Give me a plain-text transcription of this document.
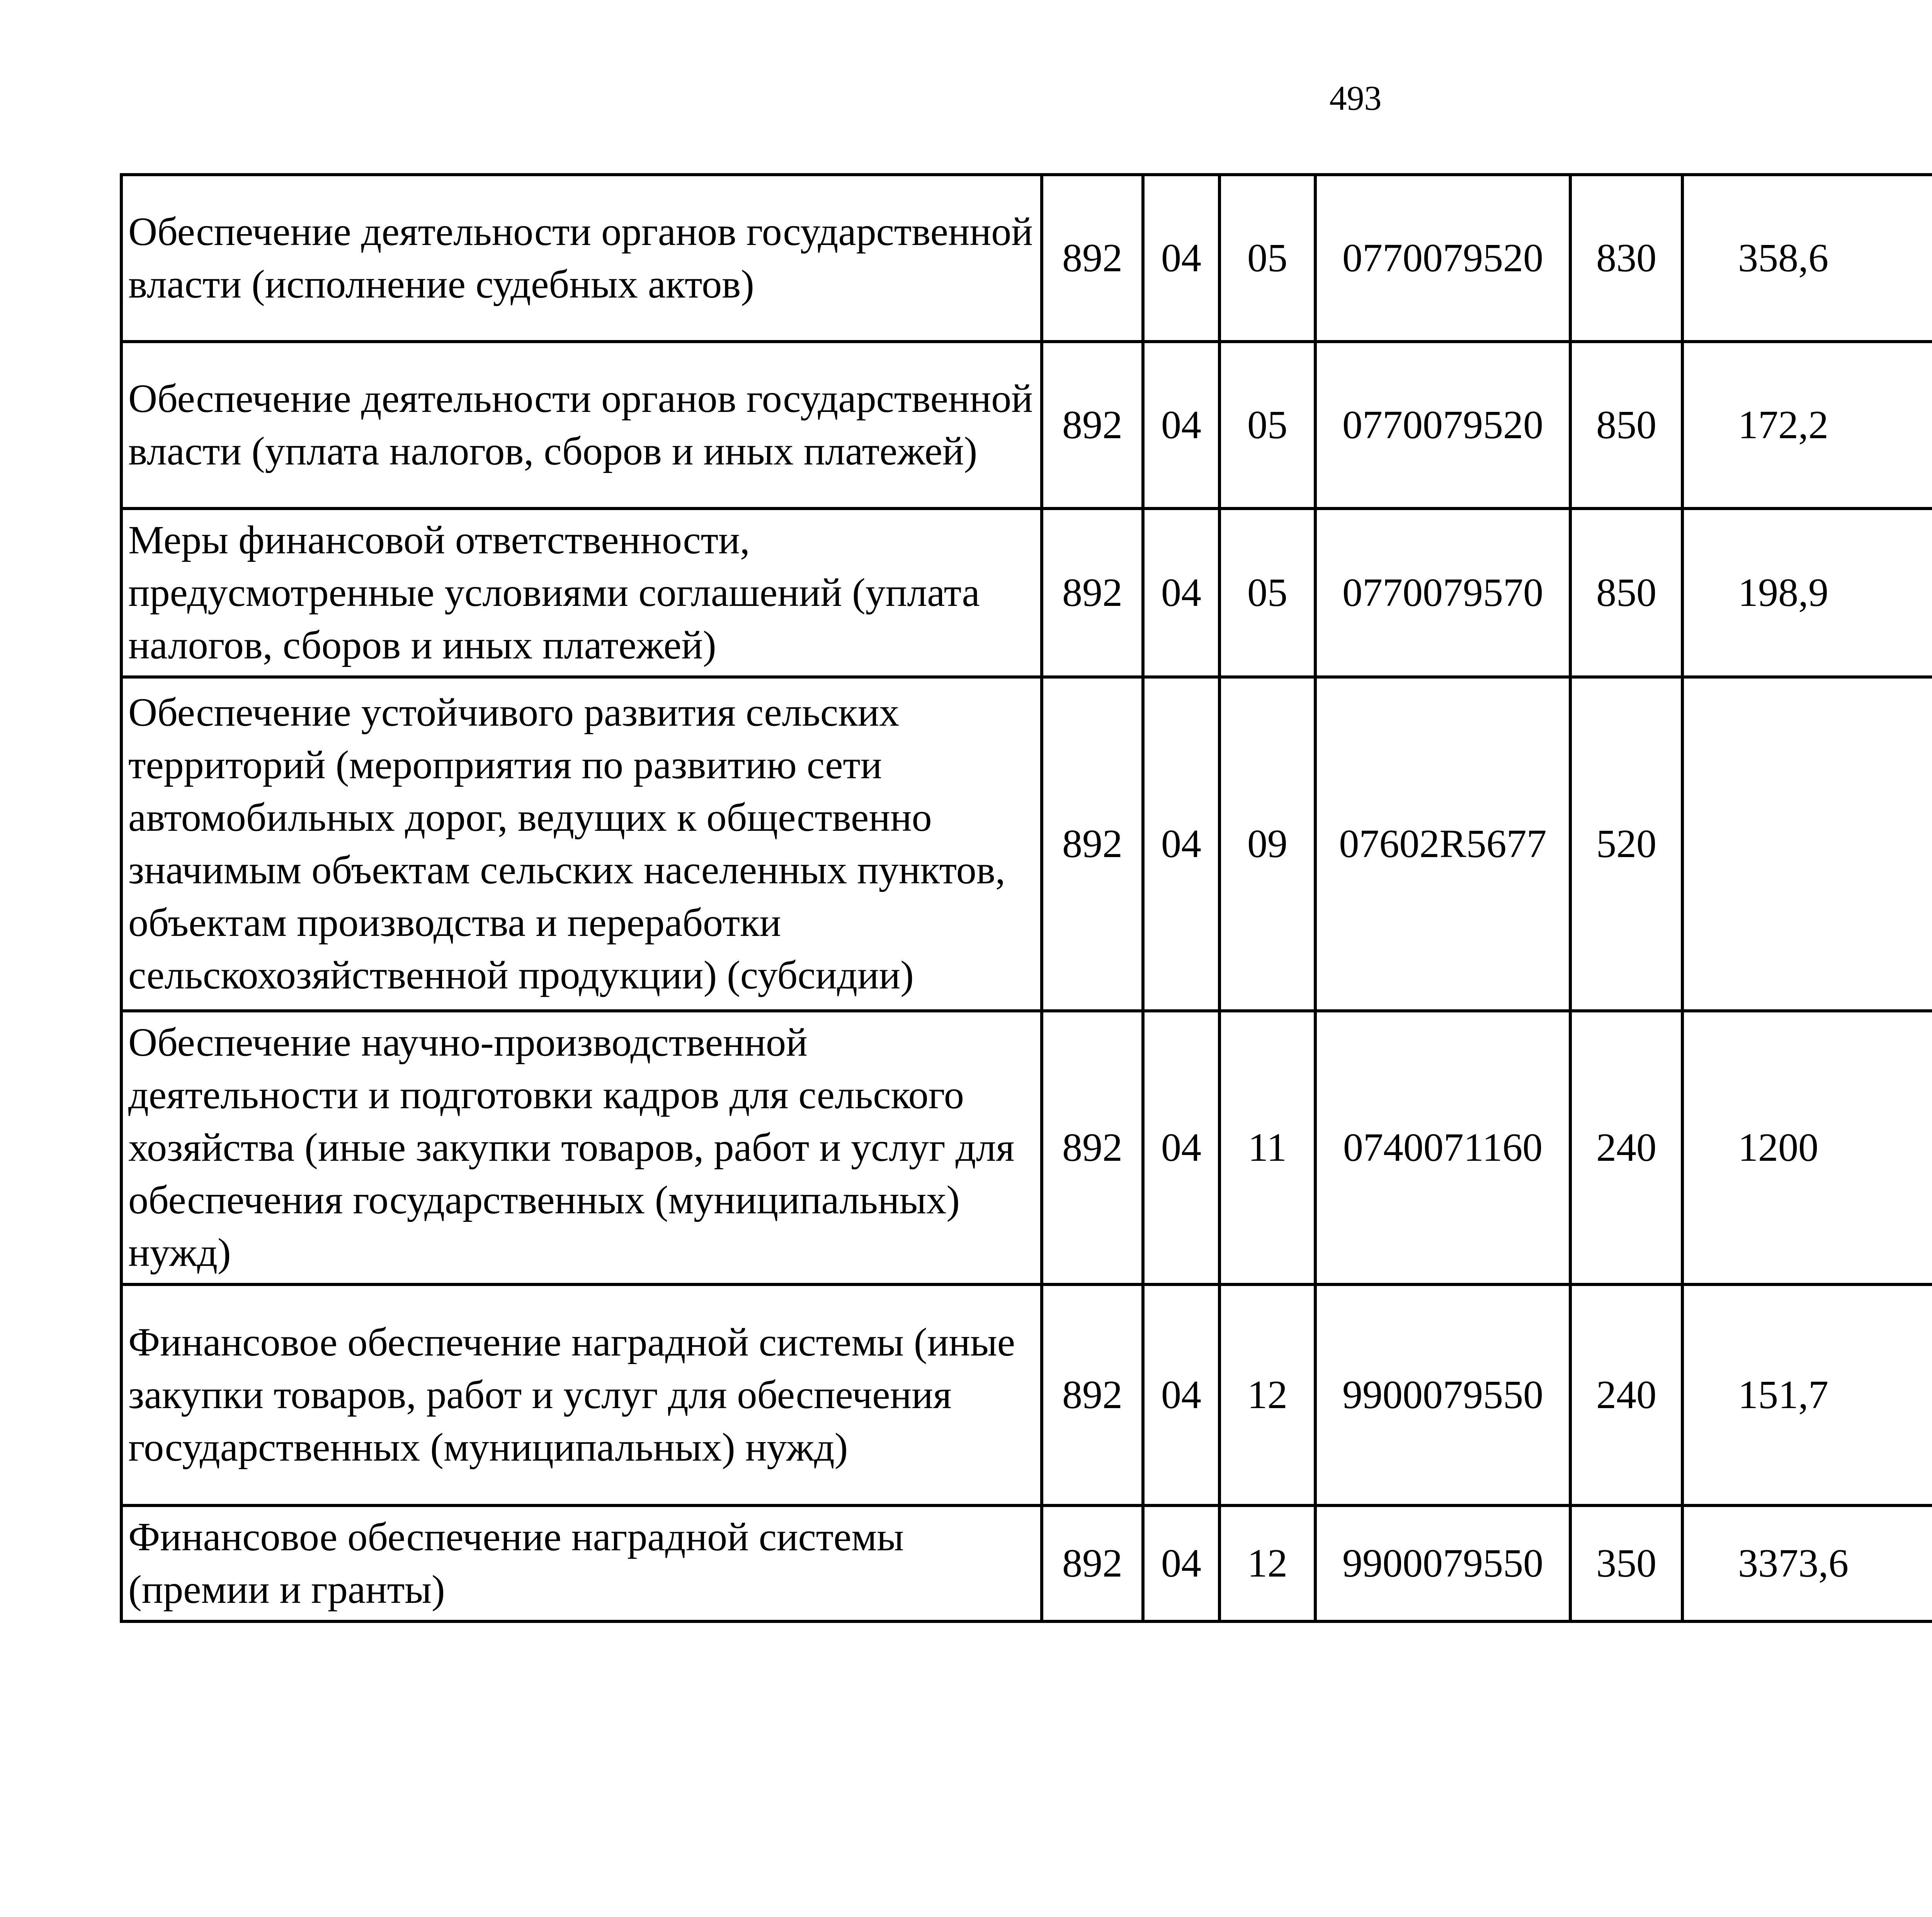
493
Обеспечение деятельности органов государственной власти (исполнение судебных актов)	892	04	05	0770079520	830	358,6		
Обеспечение деятельности органов государственной власти (уплата налогов, сборов и иных платежей)	892	04	05	0770079520	850	172,2		
Меры финансовой ответственности, предусмотренные условиями соглашений (уплата налогов, сборов и иных платежей)	892	04	05	0770079570	850	198,9		
Обеспечение устойчивого развития сельских территорий (мероприятия по развитию сети автомобильных дорог, ведущих к общественно значимым объектам сельских населенных пунктов, объектам производства и переработки сельскохозяйственной продукции) (субсидии)	892	04	09	07602R5677	520			
Обеспечение научно-производственной деятельности и подготовки кадров для сельского хозяйства (иные закупки товаров, работ и услуг для обеспечения государственных (муниципальных) нужд)	892	04	11	0740071160	240	1200		
Финансовое обеспечение наградной системы (иные закупки товаров, работ и услуг для обеспечения государственных (муниципальных) нужд)	892	04	12	9900079550	240	151,7		
Финансовое обеспечение наградной системы (премии и гранты)	892	04	12	9900079550	350	3373,6		
